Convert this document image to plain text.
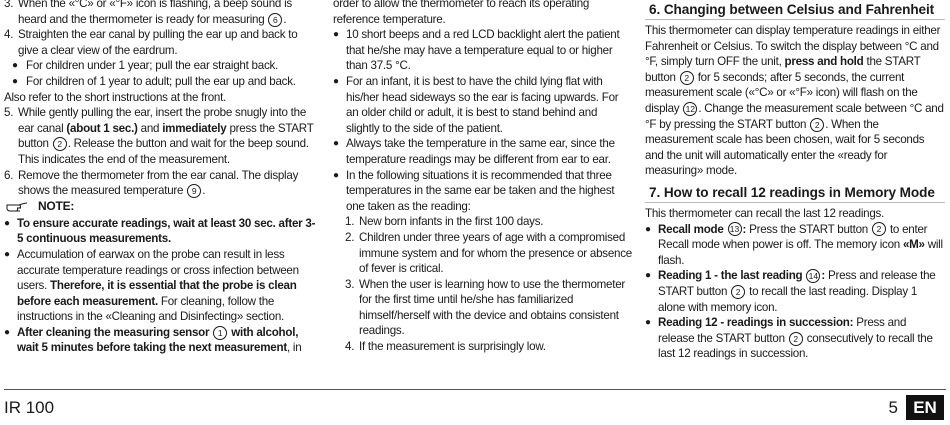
3. When the «°C» or «°F» icon is flashing, a beep sound is heard and the thermometer is ready for measuring 6 .
4. Straighten the ear canal by pulling the ear up and back to give a clear view of the eardrum.
● For children under 1 year; pull the ear straight back.
● For children of 1 year to adult; pull the ear up and back.
Also refer to the short instructions at the front.
5. While gently pulling the ear, insert the probe snugly into the ear canal (about 1 sec.) and immediately press the START button 2 . Release the button and wait for the beep sound. This indicates the end of the measurement.
6. Remove the thermometer from the ear canal. The display shows the measured temperature 9 .
NOTE:
● To ensure accurate readings, wait at least 30 sec. after 3-5 continuous measurements.
● Accumulation of earwax on the probe can result in less accurate temperature readings or cross infection between users. Therefore, it is essential that the probe is clean before each measurement. For cleaning, follow the instructions in the «Cleaning and Disinfecting» section.
● After cleaning the measuring sensor 1 with alcohol, wait 5 minutes before taking the next measurement, in
order to allow the thermometer to reach its operating reference temperature.
● 10 short beeps and a red LCD backlight alert the patient that he/she may have a temperature equal to or higher than 37.5 °C.
● For an infant, it is best to have the child lying flat with his/her head sideways so the ear is facing upwards. For an older child or adult, it is best to stand behind and slightly to the side of the patient.
● Always take the temperature in the same ear, since the temperature readings may be different from ear to ear.
● In the following situations it is recommended that three temperatures in the same ear be taken and the highest one taken as the reading:
1. New born infants in the first 100 days.
2. Children under three years of age with a compromised immune system and for whom the presence or absence of fever is critical.
3. When the user is learning how to use the thermometer for the first time until he/she has familiarized himself/herself with the device and obtains consistent readings.
4. If the measurement is surprisingly low.
6. Changing between Celsius and Fahrenheit
This thermometer can display temperature readings in either Fahrenheit or Celsius. To switch the display between °C and °F, simply turn OFF the unit, press and hold the START button 2 for 5 seconds; after 5 seconds, the current measurement scale («°C» or «°F» icon) will flash on the display 12 . Change the measurement scale between °C and °F by pressing the START button 2 . When the measurement scale has been chosen, wait for 5 seconds and the unit will automatically enter the «ready for measuring» mode.
7. How to recall 12 readings in Memory Mode
This thermometer can recall the last 12 readings.
● Recall mode 13 : Press the START button 2 to enter Recall mode when power is off. The memory icon «M» will flash.
● Reading 1 - the last reading 14 : Press and release the START button 2 to recall the last reading. Display 1 alone with memory icon.
● Reading 12 - readings in succession: Press and release the START button 2 consecutively to recall the last 12 readings in succession.
IR 100	5 EN
